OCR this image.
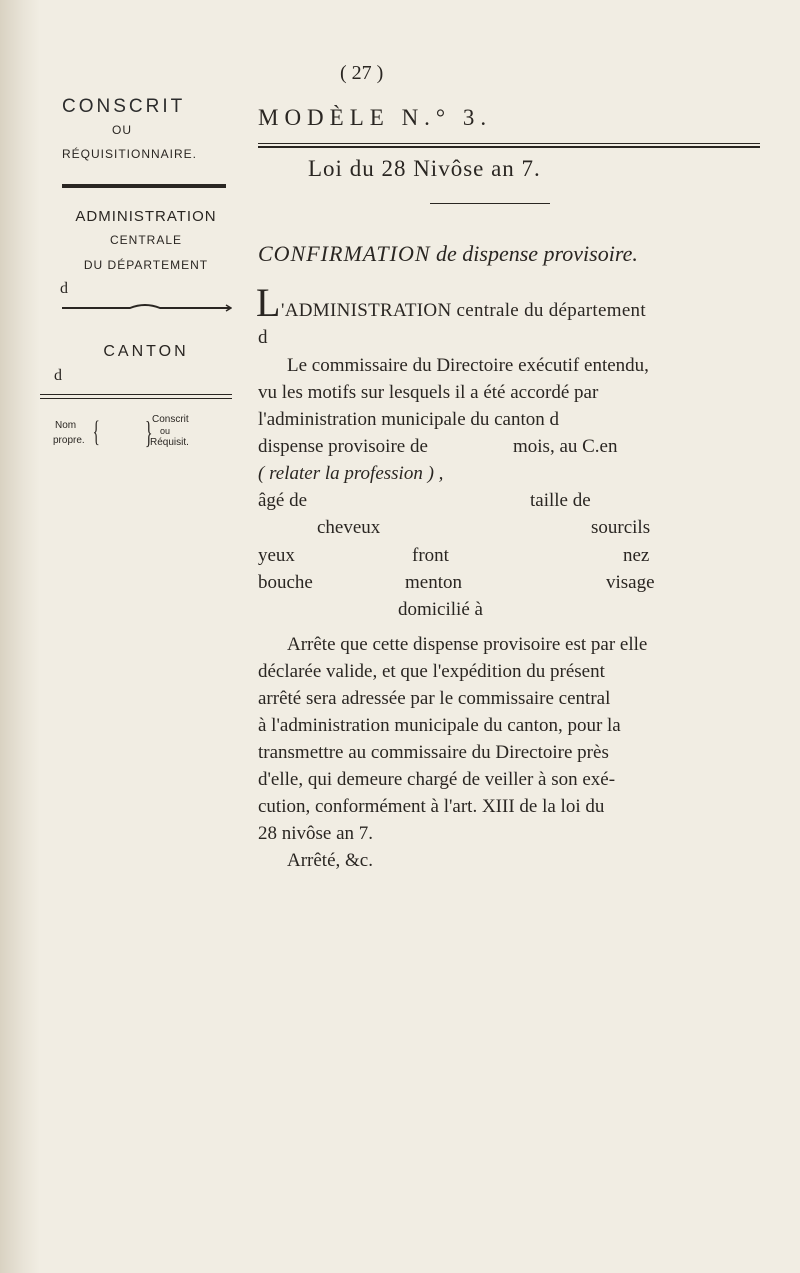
CONSCRIT
OU
RÉQUISITIONNAIRE.
ADMINISTRATION
CENTRALE
DU DÉPARTEMENT
d
CANTON
d
Nom
propre. { } Conscrit
ou
Réquisit.
( 27 )
MODÈLE N.° 3.
Loi du 28 Nivôse an 7.
CONFIRMATION de dispense provisoire.
L 'ADMINISTRATION centrale du département
d
Le commissaire du Directoire exécutif entendu,
vu les motifs sur lesquels il a été accordé par
l'administration municipale du canton d
dispense provisoire de	mois, au C.en
( relater la profession ) ,
âgé de	taille de
cheveux	sourcils
yeux	front	nez
bouche	menton	visage
domicilié à
Arrête que cette dispense provisoire est par elle
déclarée valide, et que l'expédition du présent
arrêté sera adressée par le commissaire central
à l'administration municipale du canton, pour la
transmettre au commissaire du Directoire près
d'elle, qui demeure chargé de veiller à son exé-
cution, conformément à l'art. XIII de la loi du
28 nivôse an 7.
Arrêté, &c.
